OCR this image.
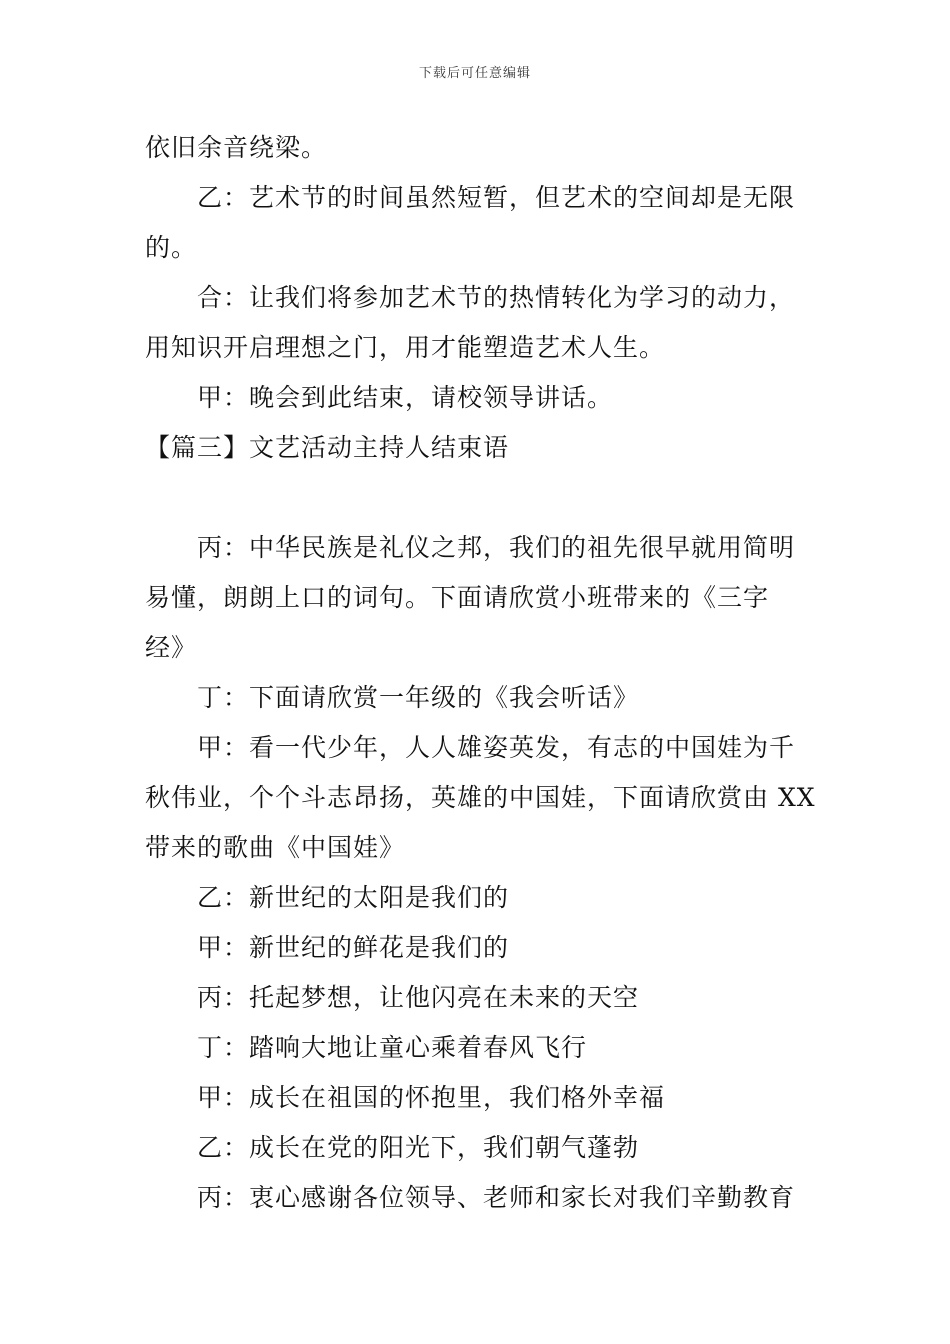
下载后可任意编辑
依旧余音绕梁。
乙：艺术节的时间虽然短暂，但艺术的空间却是无限
的。
合：让我们将参加艺术节的热情转化为学习的动力，
用知识开启理想之门，用才能塑造艺术人生。
甲：晚会到此结束，请校领导讲话。
【篇三】文艺活动主持人结束语
丙：中华民族是礼仪之邦，我们的祖先很早就用简明
易懂，朗朗上口的词句。下面请欣赏小班带来的《三字
经》
丁：下面请欣赏一年级的《我会听话》
甲：看一代少年，人人雄姿英发，有志的中国娃为千
秋伟业，个个斗志昂扬，英雄的中国娃，下面请欣赏由 XX
带来的歌曲《中国娃》
乙：新世纪的太阳是我们的
甲：新世纪的鲜花是我们的
丙：托起梦想，让他闪亮在未来的天空
丁：踏响大地让童心乘着春风飞行
甲：成长在祖国的怀抱里，我们格外幸福
乙：成长在党的阳光下，我们朝气蓬勃
丙：衷心感谢各位领导、老师和家长对我们辛勤教育
